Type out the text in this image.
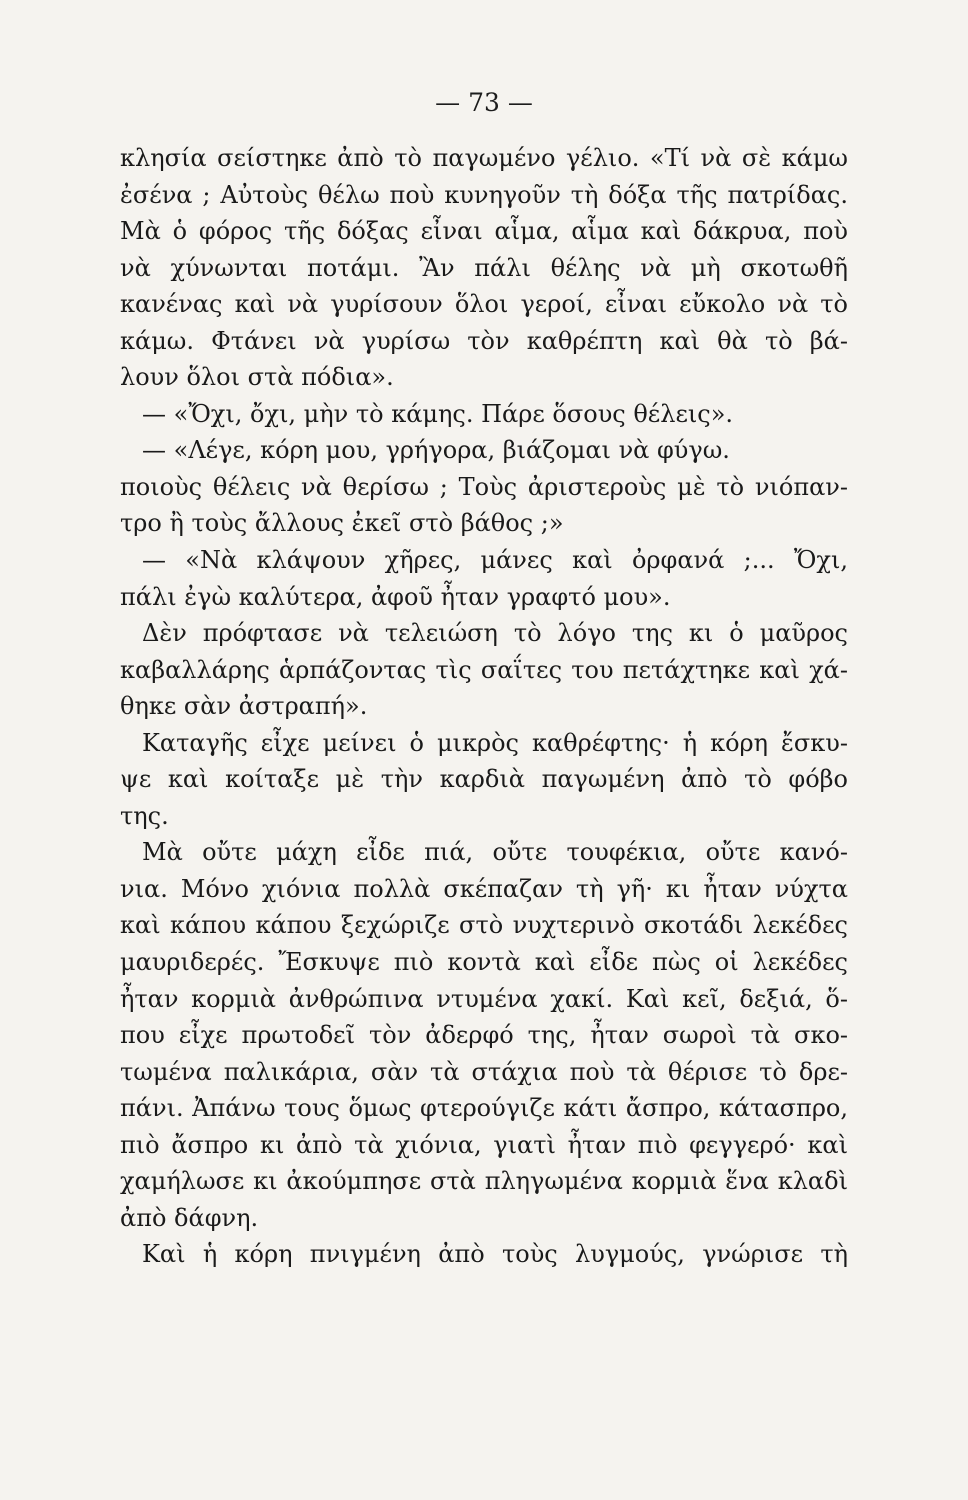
— 73 —
κλησία σείστηκε ἀπὸ τὸ παγωμένο γέλιο. «Τί νὰ σὲ κάμω
ἐσένα ; Αὐτοὺς θέλω ποὺ κυνηγοῦν τὴ δόξα τῆς πατρίδας.
Μὰ ὁ φόρος τῆς δόξας εἶναι αἷμα, αἷμα καὶ δάκρυα, ποὺ
νὰ χύνωνται ποτάμι. Ἂν πάλι θέλης νὰ μὴ σκοτωθῆ
κανένας καὶ νὰ γυρίσουν ὅλοι γεροί, εἶναι εὔκολο νὰ τὸ
κάμω. Φτάνει νὰ γυρίσω τὸν καθρέπτη καὶ θὰ τὸ βά-
λουν ὅλοι στὰ πόδια».
— «Ὄχι, ὄχι, μὴν τὸ κάμης. Πάρε ὅσους θέλεις».
— «Λέγε, κόρη μου, γρήγορα, βιάζομαι νὰ φύγω.
ποιοὺς θέλεις νὰ θερίσω ; Τοὺς ἀριστεροὺς μὲ τὸ νιόπαν-
τρο ἢ τοὺς ἄλλους ἐκεῖ στὸ βάθος ;»
— «Νὰ κλάψουν χῆρες, μάνες καὶ ὀρφανά ;... Ὄχι,
πάλι ἐγὼ καλύτερα, ἀφοῦ ἦταν γραφτό μου».
Δὲν πρόφτασε νὰ τελειώση τὸ λόγο της κι ὁ μαῦρος
καβαλλάρης ἁρπάζοντας τὶς σαΐτες του πετάχτηκε καὶ χά-
θηκε σὰν ἀστραπή».
Καταγῆς εἶχε μείνει ὁ μικρὸς καθρέφτης· ἡ κόρη ἔσκυ-
ψε καὶ κοίταξε μὲ τὴν καρδιὰ παγωμένη ἀπὸ τὸ φόβο
της.
Μὰ οὔτε μάχη εἶδε πιά, οὔτε τουφέκια, οὔτε κανό-
νια. Μόνο χιόνια πολλὰ σκέπαζαν τὴ γῆ· κι ἦταν νύχτα
καὶ κάπου κάπου ξεχώριζε στὸ νυχτερινὸ σκοτάδι λεκέδες
μαυριδερές. Ἔσκυψε πιὸ κοντὰ καὶ εἶδε πὼς οἱ λεκέδες
ἦταν κορμιὰ ἀνθρώπινα ντυμένα χακί. Καὶ κεῖ, δεξιά, ὅ-
που εἶχε πρωτοδεῖ τὸν ἀδερφό της, ἦταν σωροὶ τὰ σκο-
τωμένα παλικάρια, σὰν τὰ στάχια ποὺ τὰ θέρισε τὸ δρε-
πάνι. Ἀπάνω τους ὅμως φτερούγιζε κάτι ἄσπρο, κάτασπρο,
πιὸ ἄσπρο κι ἀπὸ τὰ χιόνια, γιατὶ ἦταν πιὸ φεγγερό· καὶ
χαμήλωσε κι ἀκούμπησε στὰ πληγωμένα κορμιὰ ἕνα κλαδὶ
ἀπὸ δάφνη.
Καὶ ἡ κόρη πνιγμένη ἀπὸ τοὺς λυγμούς, γνώρισε τὴ
